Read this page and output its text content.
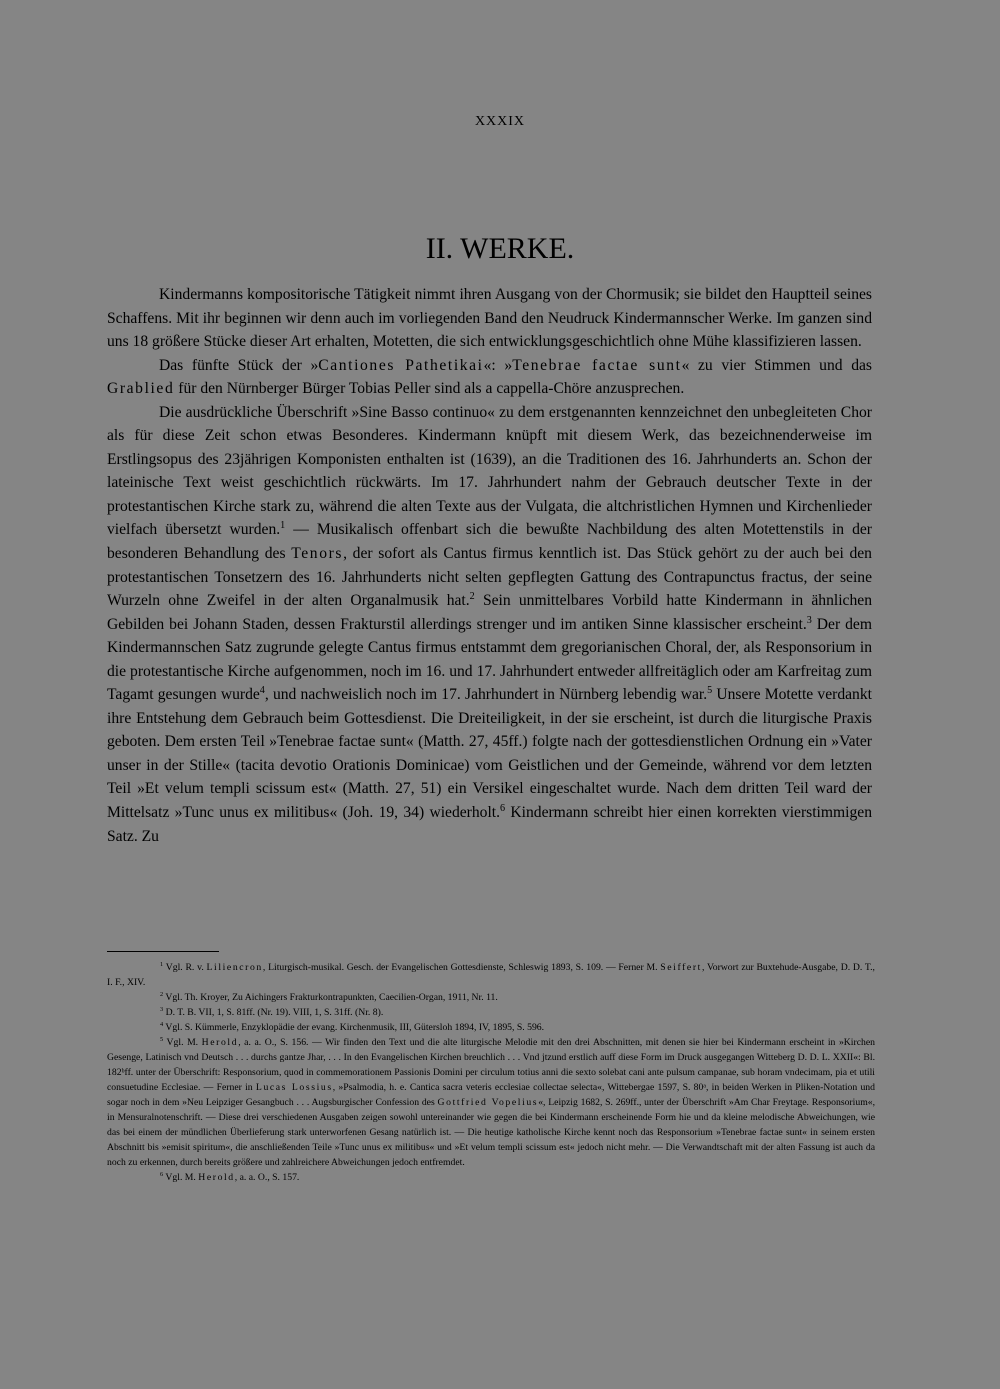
XXXIX
II. WERKE.

Kindermanns kompositorische Tätigkeit nimmt ihren Ausgang von der Chormusik; sie bildet den Hauptteil seines Schaffens. Mit ihr beginnen wir denn auch im vorliegenden Band den Neudruck Kindermannscher Werke. Im ganzen sind uns 18 größere Stücke dieser Art erhalten, Motetten, die sich entwicklungsgeschichtlich ohne Mühe klassifizieren lassen.

Das fünfte Stück der »Cantiones Pathetikai«: »Tenebrae factae sunt« zu vier Stimmen und das Grablied für den Nürnberger Bürger Tobias Peller sind als a cappella-Chöre anzusprechen.

Die ausdrückliche Überschrift »Sine Basso continuo« zu dem erstgenannten kennzeichnet den unbegleiteten Chor als für diese Zeit schon etwas Besonderes. Kindermann knüpft mit diesem Werk, das bezeichnenderweise im Erstlingsopus des 23jährigen Komponisten enthalten ist (1639), an die Traditionen des 16. Jahrhunderts an. Schon der lateinische Text weist geschichtlich rückwärts. Im 17. Jahrhundert nahm der Gebrauch deutscher Texte in der protestantischen Kirche stark zu, während die alten Texte aus der Vulgata, die altchristlichen Hymnen und Kirchenlieder vielfach übersetzt wurden.$^1$ — Musikalisch offenbart sich die bewußte Nachbildung des alten Motettenstils in der besonderen Behandlung des Tenors, der sofort als Cantus firmus kenntlich ist. Das Stück gehört zu der auch bei den protestantischen Tonsetzern des 16. Jahrhunderts nicht selten gepflegten Gattung des Contrapunctus fractus, der seine Wurzeln ohne Zweifel in der alten Organalmusik hat.$^2$ Sein unmittelbares Vorbild hatte Kindermann in ähnlichen Gebilden bei Johann Staden, dessen Frakturstil allerdings strenger und im antiken Sinne klassischer erscheint.$^3$ Der dem Kindermannschen Satz zugrunde gelegte Cantus firmus entstammt dem gregorianischen Choral, der, als Responsorium in die protestantische Kirche aufgenommen, noch im 16. und 17. Jahrhundert entweder allfreitäglich oder am Karfreitag zum Tagamt gesungen wurde$^4$, und nachweislich noch im 17. Jahrhundert in Nürnberg lebendig war.$^5$ Unsere Motette verdankt ihre Entstehung dem Gebrauch beim Gottesdienst. Die Dreiteiligkeit, in der sie erscheint, ist durch die liturgische Praxis geboten. Dem ersten Teil »Tenebrae factae sunt« (Matth. 27, 45ff.) folgte nach der gottesdienstlichen Ordnung ein »Vater unser in der Stille« (tacita devotio Orationis Dominicae) vom Geistlichen und der Gemeinde, während vor dem letzten Teil »Et velum templi scissum est« (Matth. 27, 51) ein Versikel eingeschaltet wurde. Nach dem dritten Teil ward der Mittelsatz »Tunc unus ex militibus« (Joh. 19, 34) wiederholt.$^6$ Kindermann schreibt hier einen korrekten vierstimmigen Satz. Zu

$^1$ Vgl. R. v. Liliencron, Liturgisch-musikal. Gesch. der Evangelischen Gottesdienste, Schleswig 1893, S. 109. — Ferner M. Seiffert, Vorwort zur Buxtehude-Ausgabe, D. D. T., I. F., XIV.

$^2$ Vgl. Th. Kroyer, Zu Aichingers Frakturkontrapunkten, Caecilien-Organ, 1911, Nr. 11.

$^3$ D. T. B. VII, 1, S. 81ff. (Nr. 19). VIII, 1, S. 31ff. (Nr. 8).

$^4$ Vgl. S. Kümmerle, Enzyklopädie der evang. Kirchenmusik, III, Gütersloh 1894, IV, 1895, S. 596.

$^5$ Vgl. M. Herold, a. a. O., S. 156. — Wir finden den Text und die alte liturgische Melodie mit den drei Abschnitten, mit denen sie hier bei Kindermann erscheint in »Kirchen Gesenge, Latinisch vnd Deutsch . . . durchs gantze Jhar, . . . In den Evangelischen Kirchen breuchlich . . . Vnd jtzund erstlich auff diese Form im Druck ausgegangen Witteberg D. D. L. XXII«: Bl. 182ᵇff. unter der Überschrift: Responsorium, quod in commemorationem Passionis Domini per circulum totius anni die sexto solebat cani ante pulsum campanae, sub horam vndecimam, pia et utili consuetudine Ecclesiae. — Ferner in Lucas Lossius, »Psalmodia, h. e. Cantica sacra veteris ecclesiae collectae selecta«, Wittebergae 1597, S. 80ᵃ, in beiden Werken in Pliken-Notation und sogar noch in dem »Neu Leipziger Gesangbuch . . . Augsburgischer Confession des Gottfried Vopelius«, Leipzig 1682, S. 269ff., unter der Überschrift »Am Char Freytage. Responsorium«, in Mensuralnotenschrift. — Diese drei verschiedenen Ausgaben zeigen sowohl untereinander wie gegen die bei Kindermann erscheinende Form hie und da kleine melodische Abweichungen, wie das bei einem der mündlichen Überlieferung stark unterworfenen Gesang natürlich ist. — Die heutige katholische Kirche kennt noch das Responsorium »Tenebrae factae sunt« in seinem ersten Abschnitt bis »emisit spiritum«, die anschließenden Teile »Tunc unus ex militibus« und »Et velum templi scissum est« jedoch nicht mehr. — Die Verwandtschaft mit der alten Fassung ist auch da noch zu erkennen, durch bereits größere und zahlreichere Abweichungen jedoch entfremdet.

$^6$ Vgl. M. Herold, a. a. O., S. 157.
